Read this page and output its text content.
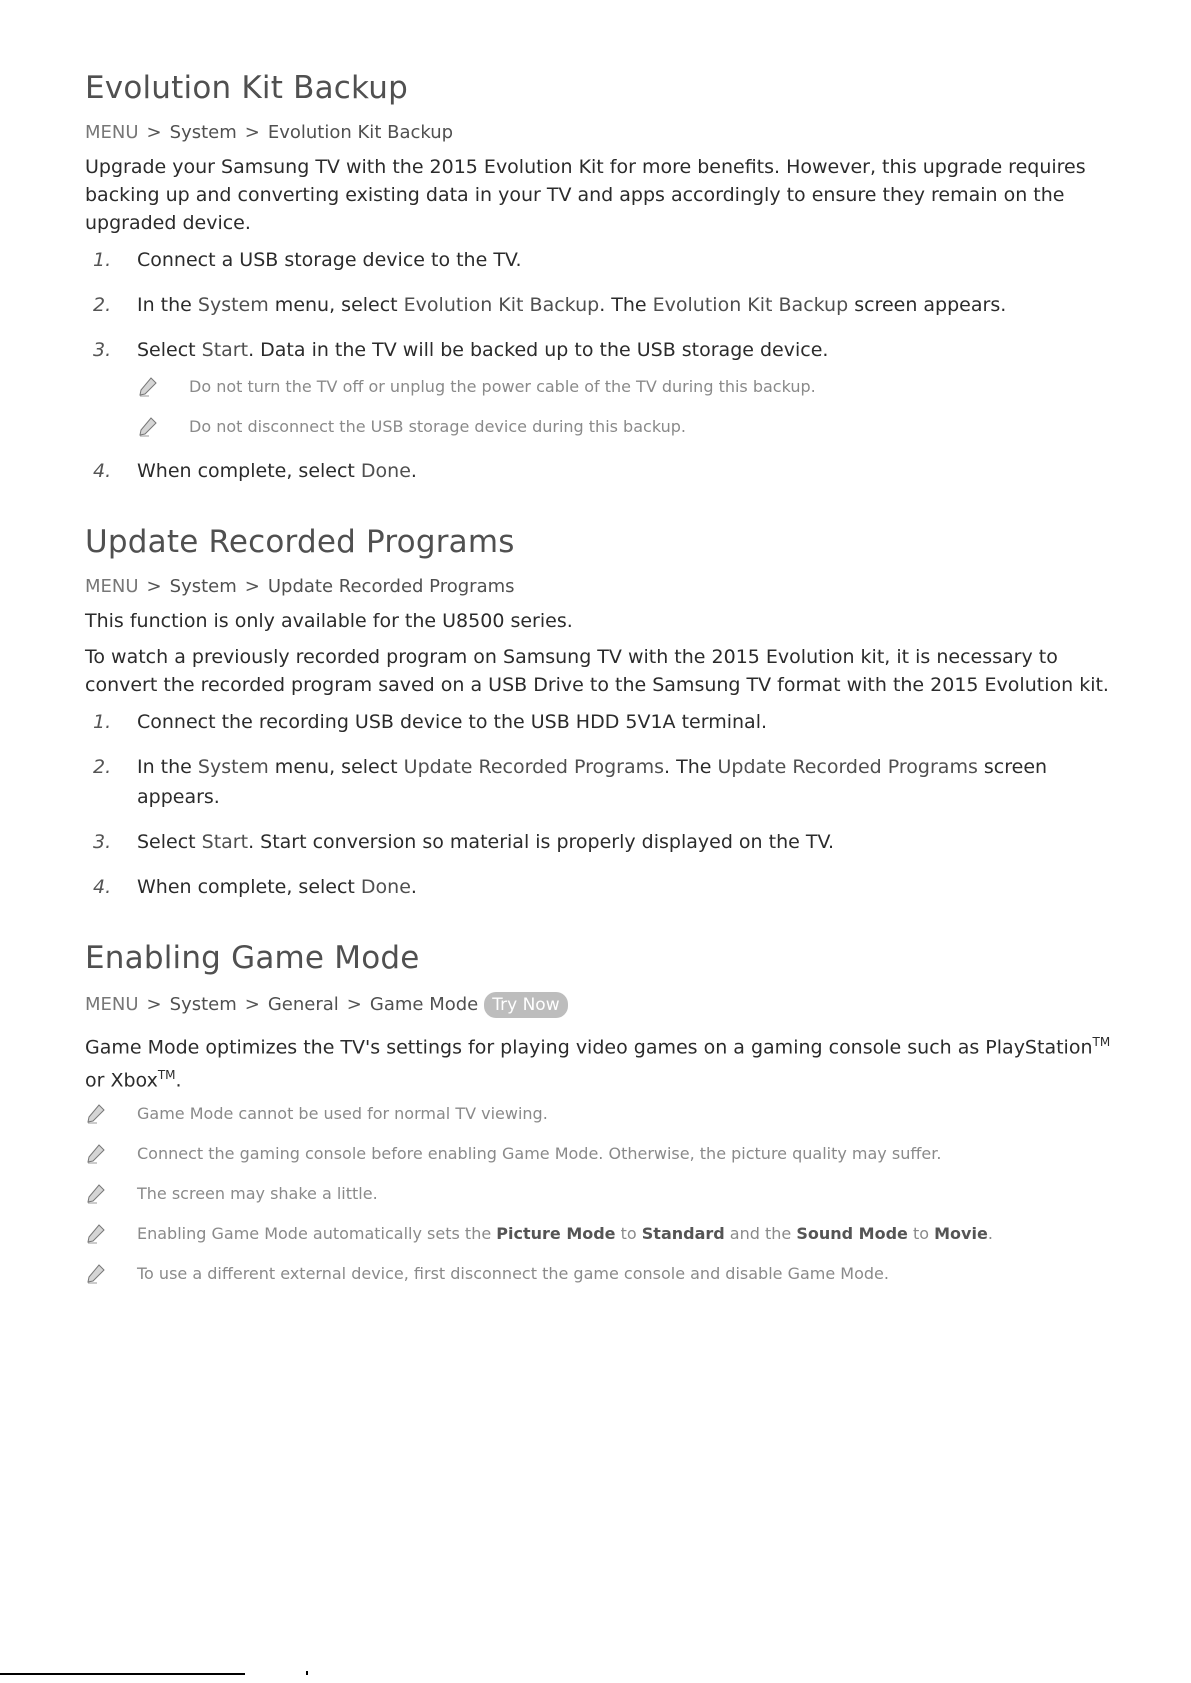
Evolution Kit Backup
MENU > System > Evolution Kit Backup

Upgrade your Samsung TV with the 2015 Evolution Kit for more benefits. However, this upgrade requires backing up and converting existing data in your TV and apps accordingly to ensure they remain on the upgraded device.

1.	Connect a USB storage device to the TV.
2.	In the System menu, select Evolution Kit Backup. The Evolution Kit Backup screen appears.
3.	Select Start. Data in the TV will be backed up to the USB storage device.
Do not turn the TV off or unplug the power cable of the TV during this backup.
Do not disconnect the USB storage device during this backup.
4.	When complete, select Done.
Update Recorded Programs
MENU > System > Update Recorded Programs

This function is only available for the U8500 series.

To watch a previously recorded program on Samsung TV with the 2015 Evolution kit, it is necessary to convert the recorded program saved on a USB Drive to the Samsung TV format with the 2015 Evolution kit.

1.	Connect the recording USB device to the USB HDD 5V1A terminal.
2.	In the System menu, select Update Recorded Programs. The Update Recorded Programs screen appears.
3.	Select Start. Start conversion so material is properly displayed on the TV.
4.	When complete, select Done.
Enabling Game Mode
MENU > System > General > Game Mode Try Now

Game Mode optimizes the TV's settings for playing video games on a gaming console such as PlayStation™ or Xbox™.

Game Mode cannot be used for normal TV viewing.
Connect the gaming console before enabling Game Mode. Otherwise, the picture quality may suffer.
The screen may shake a little.
Enabling Game Mode automatically sets the Picture Mode to Standard and the Sound Mode to Movie.
To use a different external device, first disconnect the game console and disable Game Mode.
